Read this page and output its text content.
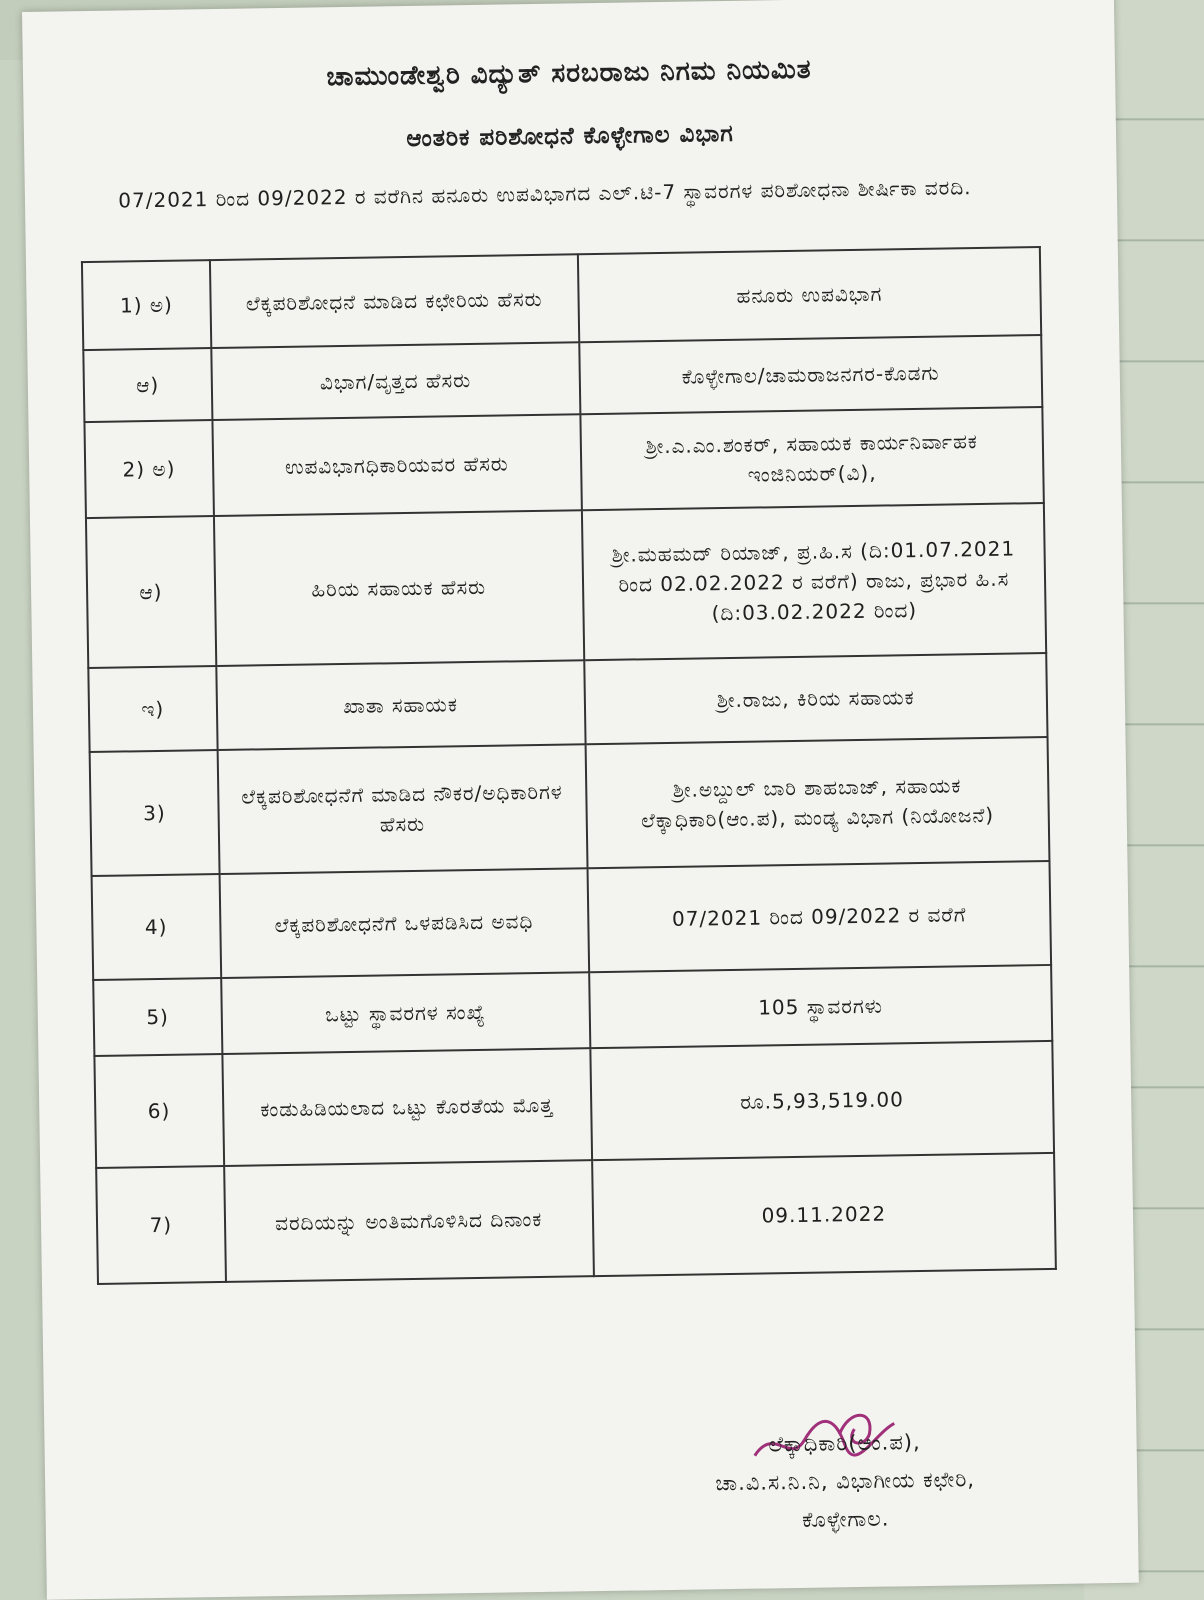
ಚಾಮುಂಡೇಶ್ವರಿ ವಿದ್ಯುತ್ ಸರಬರಾಜು ನಿಗಮ ನಿಯಮಿತ
ಆಂತರಿಕ ಪರಿಶೋಧನೆ ಕೊಳ್ಳೇಗಾಲ ವಿಭಾಗ
07/2021 ರಿಂದ 09/2022 ರ ವರೆಗಿನ ಹನೂರು ಉಪವಿಭಾಗದ ಎಲ್.ಟಿ-7 ಸ್ಥಾವರಗಳ ಪರಿಶೋಧನಾ ಶೀರ್ಷಿಕಾ ವರದಿ.
1) ಅ)	ಲೆಕ್ಕಪರಿಶೋಧನೆ ಮಾಡಿದ ಕಛೇರಿಯ ಹೆಸರು	ಹನೂರು ಉಪವಿಭಾಗ
ಆ)	ವಿಭಾಗ/ವೃತ್ತದ ಹೆಸರು	ಕೊಳ್ಳೇಗಾಲ/ಚಾಮರಾಜನಗರ-ಕೊಡಗು
2) ಅ)	ಉಪವಿಭಾಗಧಿಕಾರಿಯವರ ಹೆಸರು	ಶ್ರೀ.ಎ.ಎಂ.ಶಂಕರ್, ಸಹಾಯಕ ಕಾರ್ಯನಿರ್ವಾಹಕ ಇಂಜಿನಿಯರ್(ವಿ),
ಆ)	ಹಿರಿಯ ಸಹಾಯಕ ಹೆಸರು	ಶ್ರೀ.ಮಹಮದ್ ರಿಯಾಜ್, ಪ್ರ.ಹಿ.ಸ (ದಿ:01.07.2021 ರಿಂದ 02.02.2022 ರ ವರೆಗೆ) ರಾಜು, ಪ್ರಭಾರ ಹಿ.ಸ (ದಿ:03.02.2022 ರಿಂದ)
ಇ)	ಖಾತಾ ಸಹಾಯಕ	ಶ್ರೀ.ರಾಜು, ಕಿರಿಯ ಸಹಾಯಕ
3)	ಲೆಕ್ಕಪರಿಶೋಧನೆಗೆ ಮಾಡಿದ ನೌಕರ/ಅಧಿಕಾರಿಗಳ ಹೆಸರು	ಶ್ರೀ.ಅಬ್ದುಲ್ ಬಾರಿ ಶಾಹಬಾಜ್, ಸಹಾಯಕ ಲೆಕ್ಕಾಧಿಕಾರಿ(ಆಂ.ಪ), ಮಂಡ್ಯ ವಿಭಾಗ (ನಿಯೋಜನೆ)
4)	ಲೆಕ್ಕಪರಿಶೋಧನೆಗೆ ಒಳಪಡಿಸಿದ ಅವಧಿ	07/2021 ರಿಂದ 09/2022 ರ ವರೆಗೆ
5)	ಒಟ್ಟು ಸ್ಥಾವರಗಳ ಸಂಖ್ಯೆ	105 ಸ್ಥಾವರಗಳು
6)	ಕಂಡುಹಿಡಿಯಲಾದ ಒಟ್ಟು ಕೊರತೆಯ ಮೊತ್ತ	ರೂ.5,93,519.00
7)	ವರದಿಯನ್ನು ಅಂತಿಮಗೊಳಿಸಿದ ದಿನಾಂಕ	09.11.2022
ಲೆಕ್ಕಾಧಿಕಾರಿ(ಆಂ.ಪ),
ಚಾ.ವಿ.ಸ.ನಿ.ನಿ, ವಿಭಾಗೀಯ ಕಛೇರಿ,
ಕೊಳ್ಳೇಗಾಲ.
